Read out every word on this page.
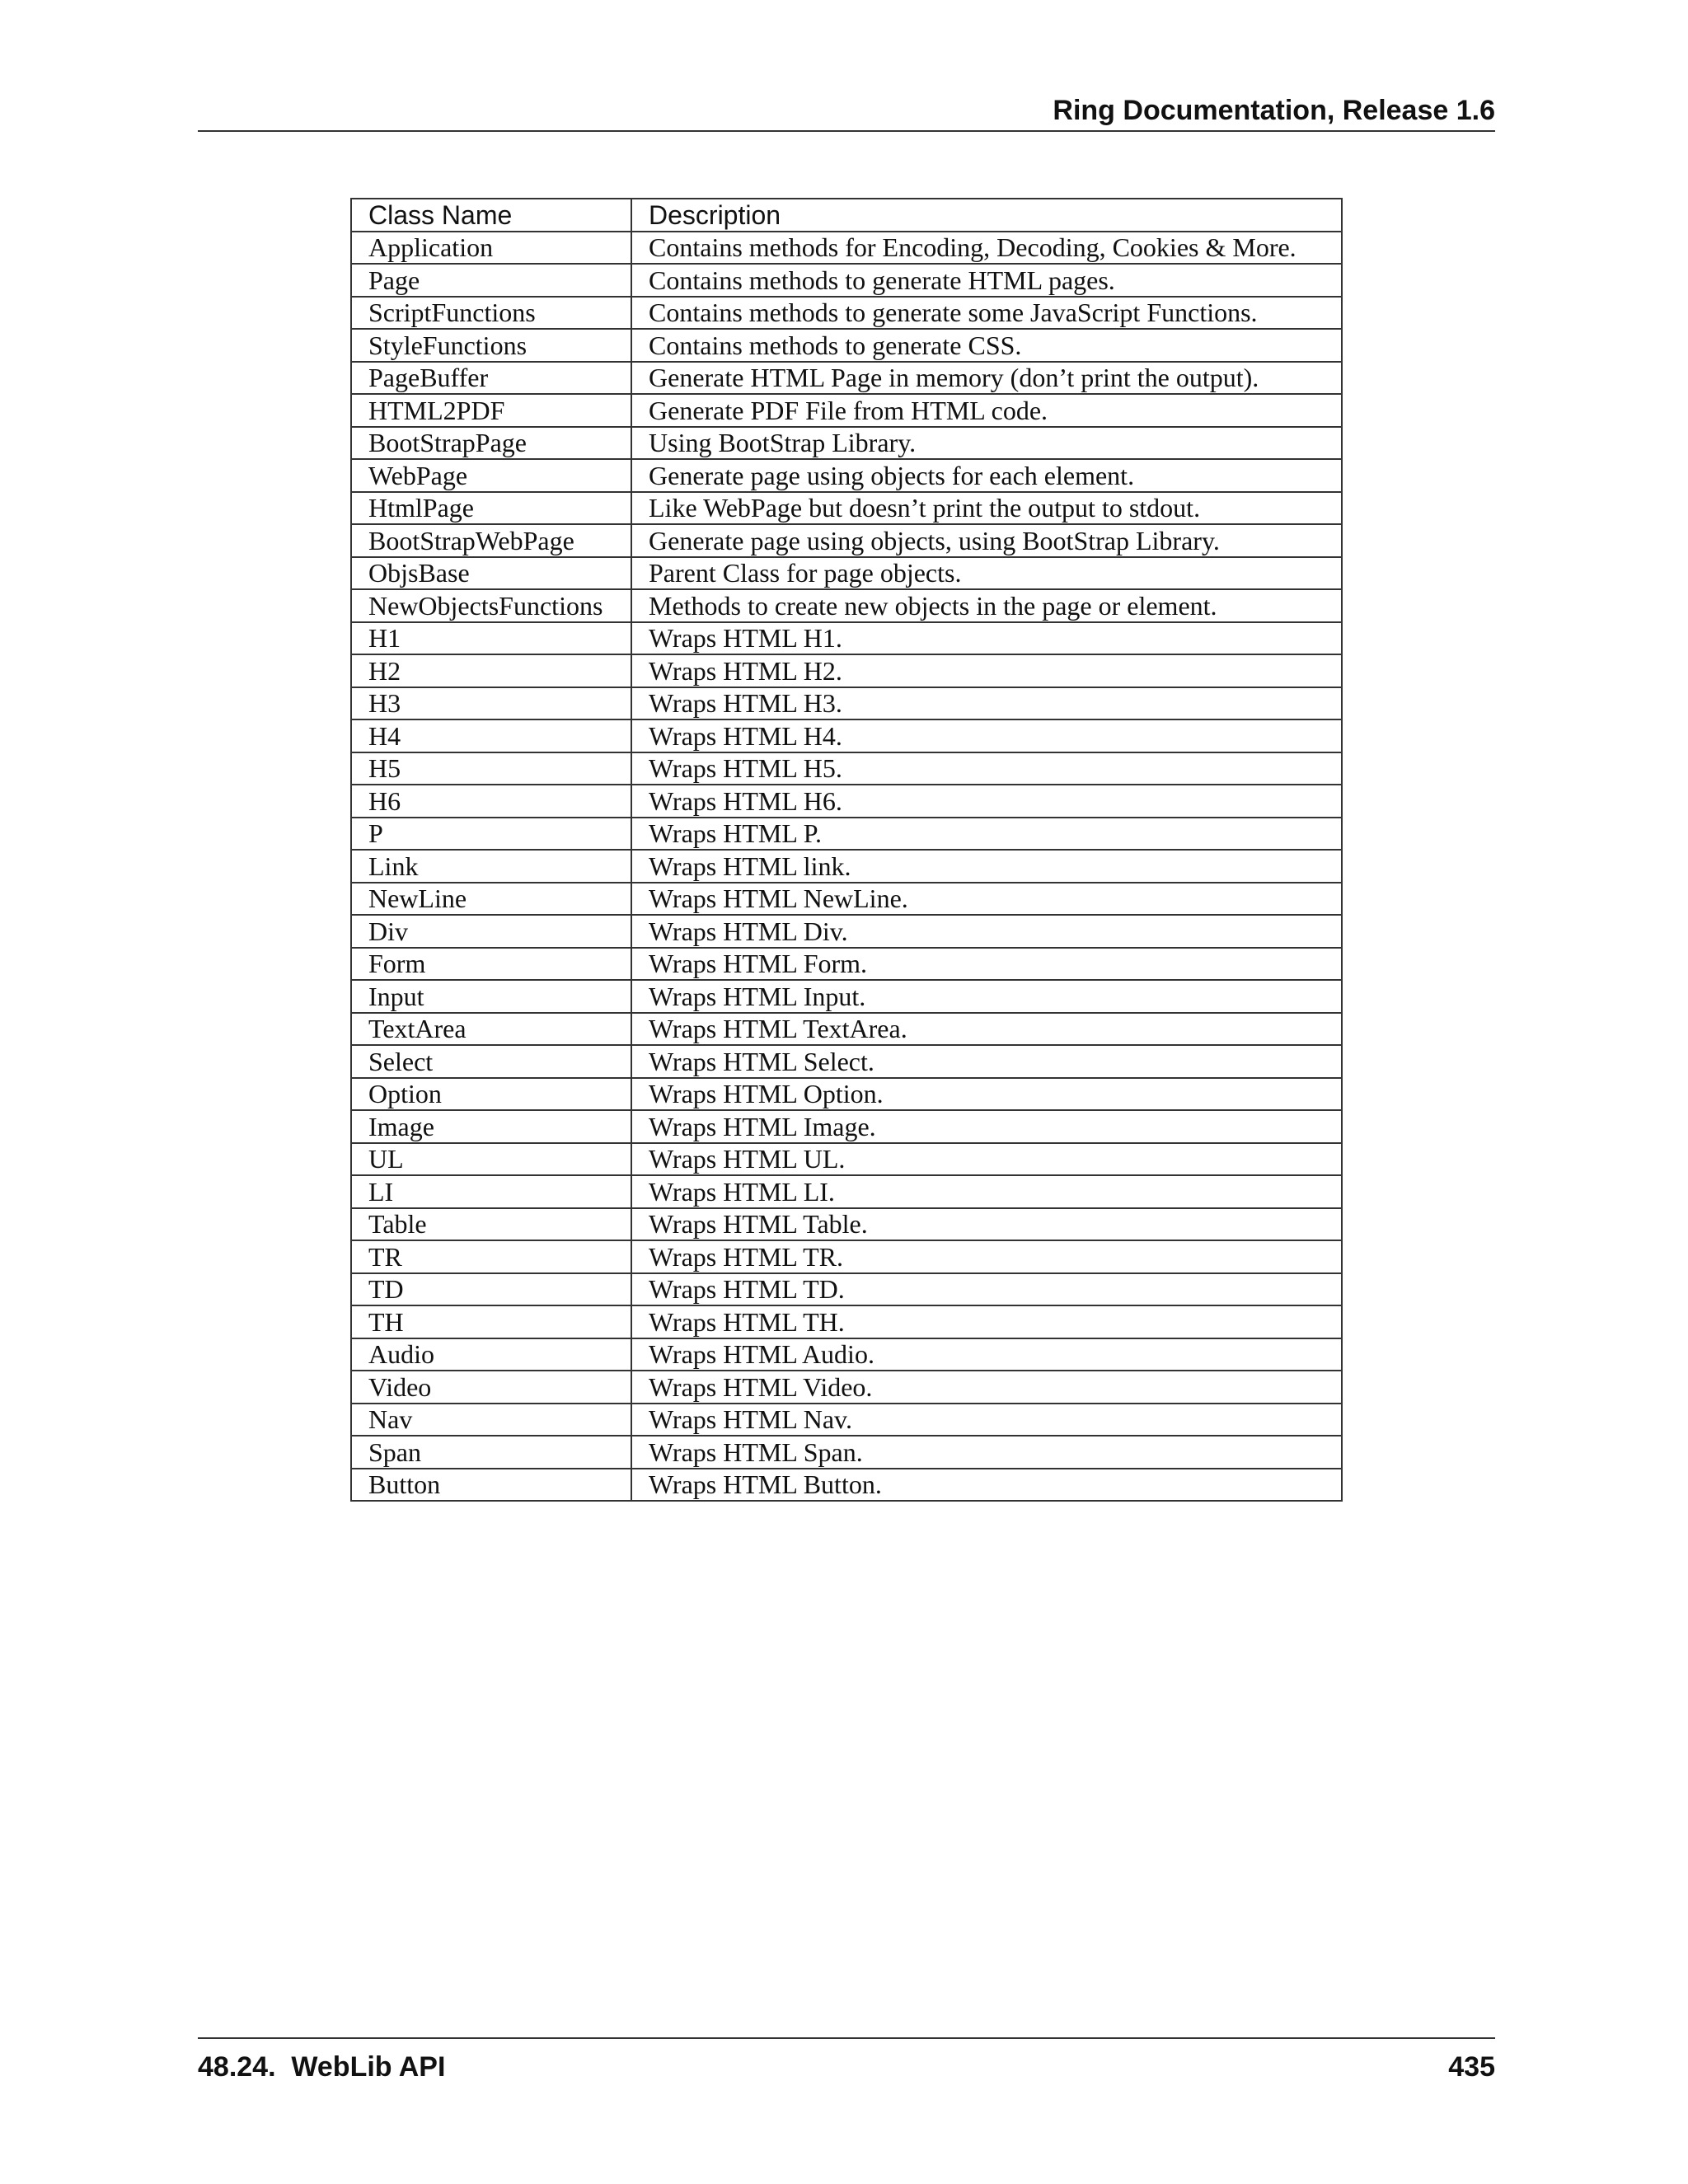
Ring Documentation, Release 1.6
Class Name	Description
Application	Contains methods for Encoding, Decoding, Cookies & More.
Page	Contains methods to generate HTML pages.
ScriptFunctions	Contains methods to generate some JavaScript Functions.
StyleFunctions	Contains methods to generate CSS.
PageBuffer	Generate HTML Page in memory (don’t print the output).
HTML2PDF	Generate PDF File from HTML code.
BootStrapPage	Using BootStrap Library.
WebPage	Generate page using objects for each element.
HtmlPage	Like WebPage but doesn’t print the output to stdout.
BootStrapWebPage	Generate page using objects, using BootStrap Library.
ObjsBase	Parent Class for page objects.
NewObjectsFunctions	Methods to create new objects in the page or element.
H1	Wraps HTML H1.
H2	Wraps HTML H2.
H3	Wraps HTML H3.
H4	Wraps HTML H4.
H5	Wraps HTML H5.
H6	Wraps HTML H6.
P	Wraps HTML P.
Link	Wraps HTML link.
NewLine	Wraps HTML NewLine.
Div	Wraps HTML Div.
Form	Wraps HTML Form.
Input	Wraps HTML Input.
TextArea	Wraps HTML TextArea.
Select	Wraps HTML Select.
Option	Wraps HTML Option.
Image	Wraps HTML Image.
UL	Wraps HTML UL.
LI	Wraps HTML LI.
Table	Wraps HTML Table.
TR	Wraps HTML TR.
TD	Wraps HTML TD.
TH	Wraps HTML TH.
Audio	Wraps HTML Audio.
Video	Wraps HTML Video.
Nav	Wraps HTML Nav.
Span	Wraps HTML Span.
Button	Wraps HTML Button.
48.24.  WebLib API	435
